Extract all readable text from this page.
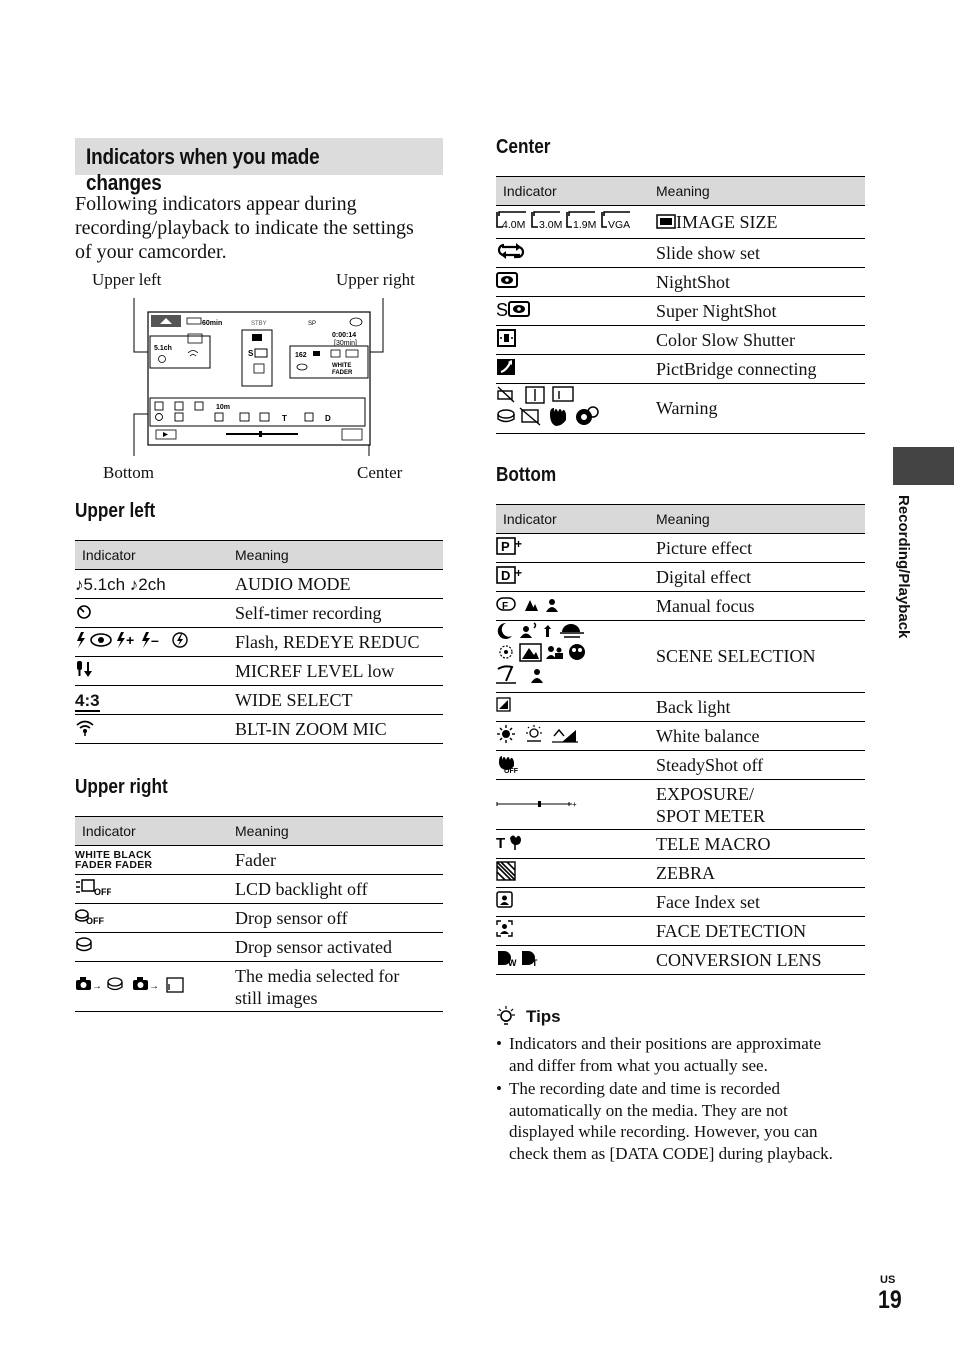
Indicators when you made changes
Following indicators appear during
recording/playback to indicate the settings
of your camcorder.
Upper left	Upper right
Bottom	Center
60min	STBY	SP
0:00:14
[30min]
5.1ch
S	162
WHITE
FADER
10m
T	D
Upper left
Indicator	Meaning
♪5.1ch ♪2ch	AUDIO MODE
	Self-timer recording

+ –	Flash, REDEYE REDUC
	MICREF LEVEL low
4:3	WIDE SELECT
	BLT-IN ZOOM MIC
Upper right
Indicator	Meaning

WHITE BLACK
FADER FADER	Fader

OFF	LCD backlight off

OFF	Drop sensor off
	Drop sensor activated

→ →	The media selected for
still images
Center
Indicator	Meaning

4.0M 3.0M 1.9M VGA	IMAGE SIZE
	Slide show set
	NightShot

S	Super NightShot
	Color Slow Shutter
	PictBridge connecting
	Warning
Bottom
Indicator	Meaning

P +	Picture effect

D +	Digital effect

F	Manual focus
	SCENE SELECTION
	Back light
	White balance

OFF	SteadyShot off

+	EXPOSURE/
SPOT METER

T	TELE MACRO
	ZEBRA
	Face Index set
	FACE DETECTION

W T	CONVERSION LENS
Tips
• Indicators and their positions are approximate
and differ from what you actually see.
• The recording date and time is recorded
automatically on the media. They are not
displayed while recording. However, you can
check them as [DATA CODE] during playback.
Recording/Playback
US
19
